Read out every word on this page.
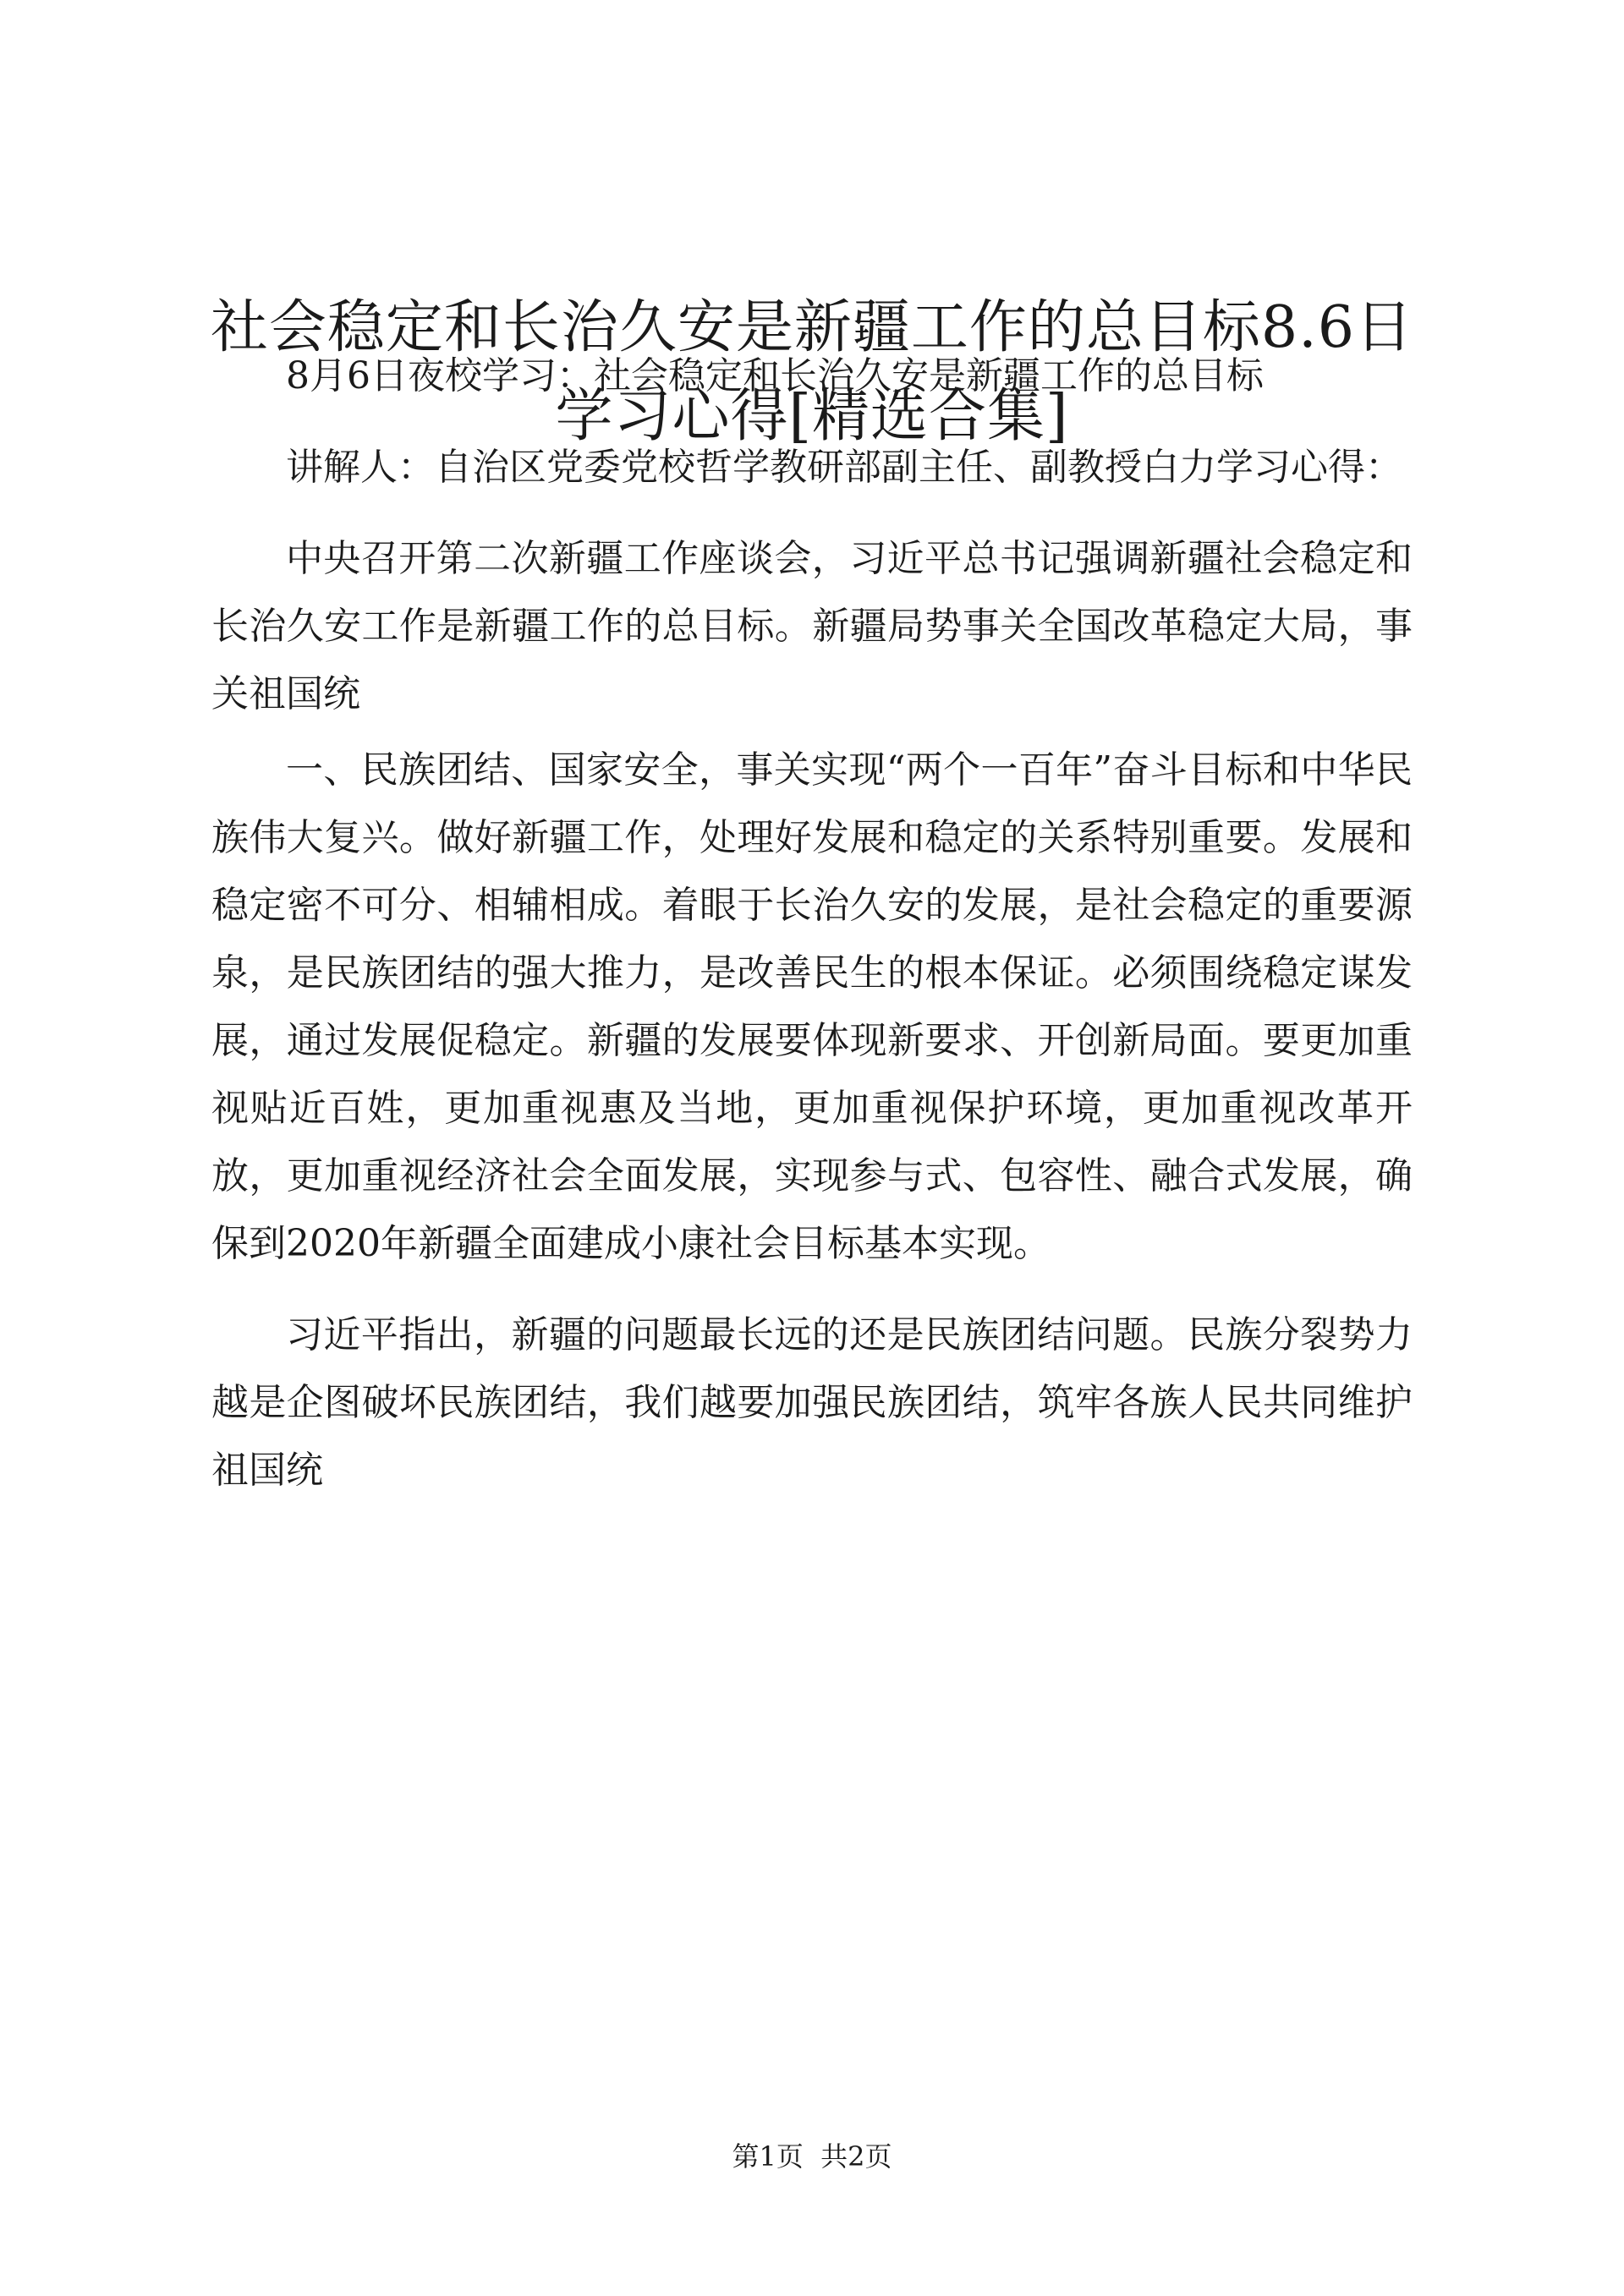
社会稳定和长治久安是新疆工作的总目标8.6日学习心得[精选合集]

8月6日夜校学习：社会稳定和长治久安是新疆工作的总目标

讲解人：自治区党委党校哲学教研部副主任、副教授白力学习心得：

中央召开第二次新疆工作座谈会，习近平总书记强调新疆社会稳定和长治久安工作是新疆工作的总目标。新疆局势事关全国改革稳定大局，事关祖国统

一、民族团结、国家安全，事关实现“两个一百年”奋斗目标和中华民族伟大复兴。做好新疆工作，处理好发展和稳定的关系特别重要。发展和稳定密不可分、相辅相成。着眼于长治久安的发展，是社会稳定的重要源泉，是民族团结的强大推力，是改善民生的根本保证。必须围绕稳定谋发展，通过发展促稳定。新疆的发展要体现新要求、开创新局面。要更加重视贴近百姓，更加重视惠及当地，更加重视保护环境，更加重视改革开放，更加重视经济社会全面发展，实现参与式、包容性、融合式发展，确保到2020年新疆全面建成小康社会目标基本实现。

习近平指出，新疆的问题最长远的还是民族团结问题。民族分裂势力越是企图破坏民族团结，我们越要加强民族团结，筑牢各族人民共同维护祖国统

第1页  共2页
